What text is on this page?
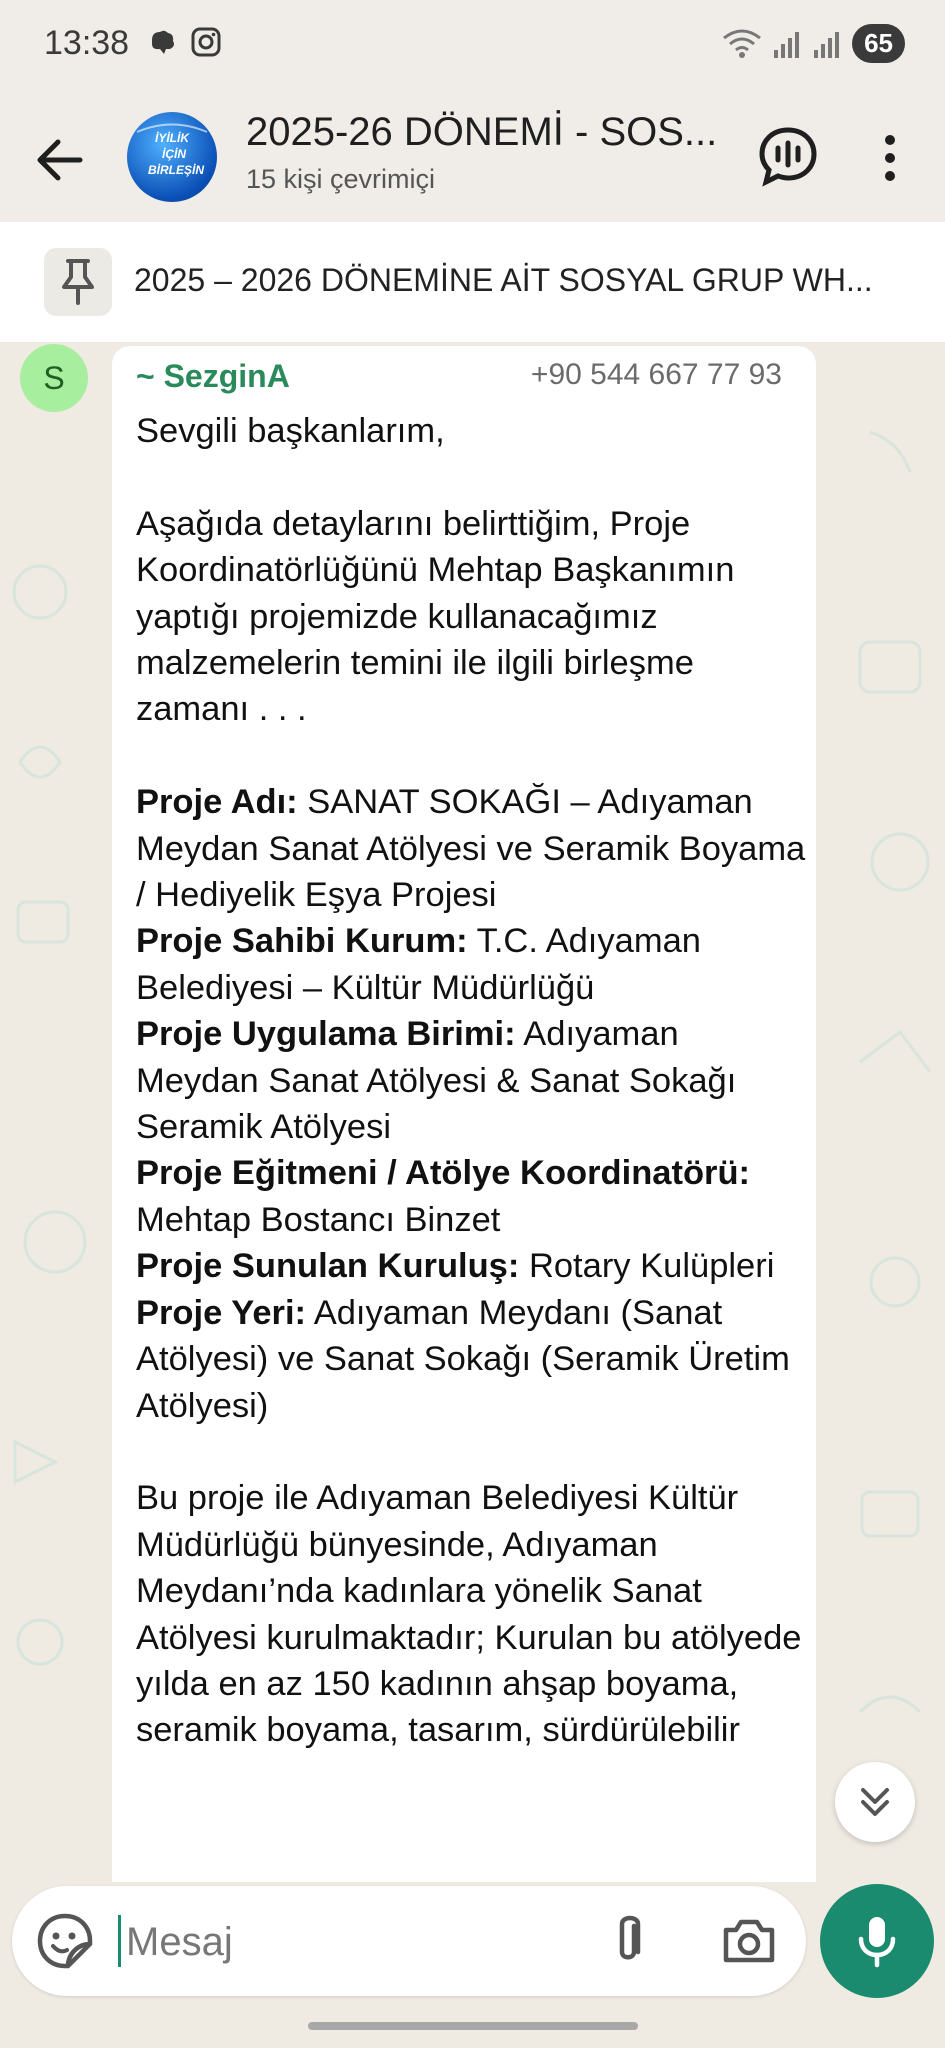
13:38	65
İYİLİK
İÇİN
BİRLEŞİN
2025-26 DÖNEMİ - SOS...
15 kişi çevrimiçi
2025 – 2026 DÖNEMİNE AİT SOSYAL GRUP WH...
S	~ SezginA	+90 544 667 77 93
Sevgili başkanlarım,
Aşağıda detaylarını belirttiğim, Proje Koordinatörlüğünü Mehtap Başkanımın yaptığı projemizde kullanacağımız malzemelerin temini ile ilgili birleşme zamanı . . .
Proje Adı: SANAT SOKAĞI – Adıyaman Meydan Sanat Atölyesi ve Seramik Boyama / Hediyelik Eşya Projesi
Proje Sahibi Kurum: T.C. Adıyaman Belediyesi – Kültür Müdürlüğü
Proje Uygulama Birimi: Adıyaman Meydan Sanat Atölyesi & Sanat Sokağı Seramik Atölyesi
Proje Eğitmeni / Atölye Koordinatörü: Mehtap Bostancı Binzet
Proje Sunulan Kuruluş: Rotary Kulüpleri
Proje Yeri: Adıyaman Meydanı (Sanat Atölyesi) ve Sanat Sokağı (Seramik Üretim Atölyesi)
Bu proje ile Adıyaman Belediyesi Kültür Müdürlüğü bünyesinde, Adıyaman Meydanı’nda kadınlara yönelik Sanat Atölyesi kurulmaktadır; Kurulan bu atölyede yılda en az 150 kadının ahşap boyama, seramik boyama, tasarım, sürdürülebilir
Mesaj
